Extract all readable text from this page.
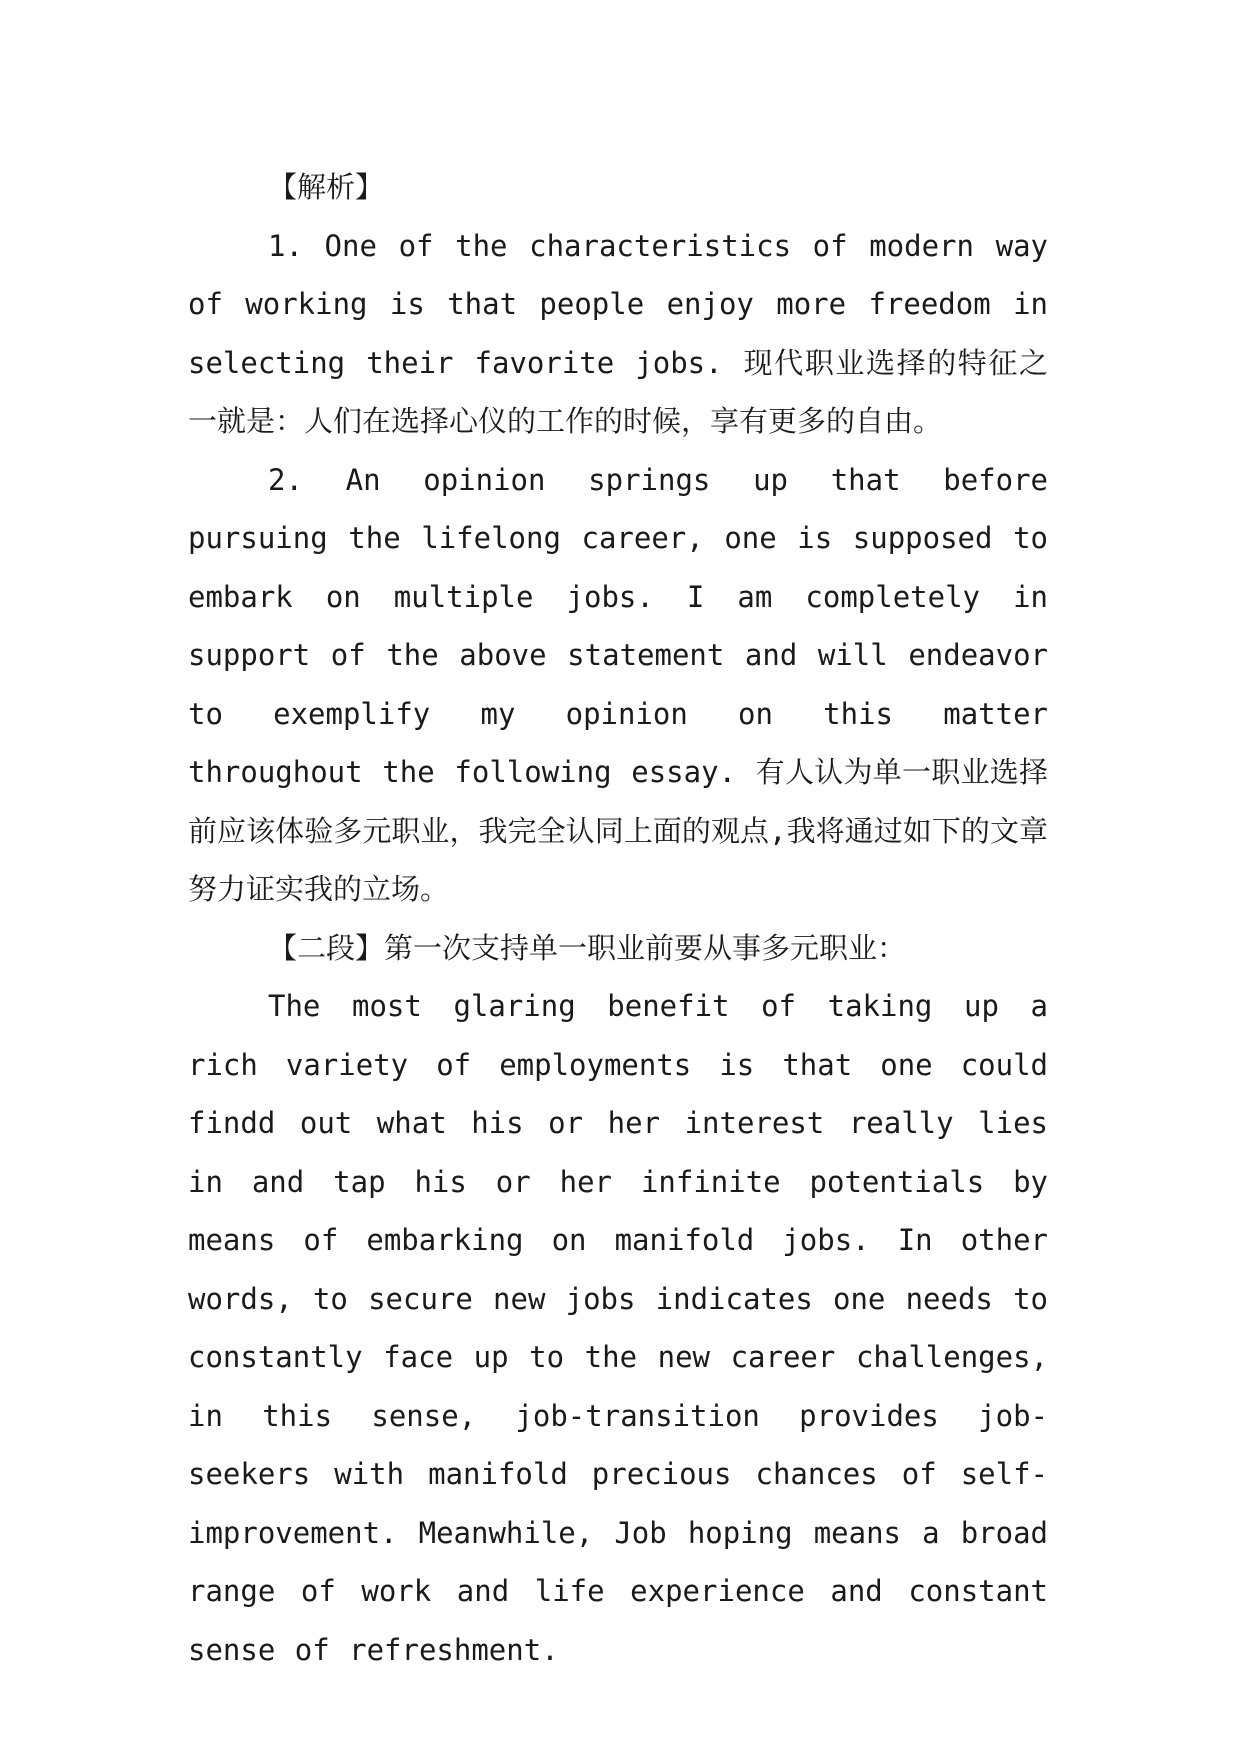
【解析】

1. One of the characteristics of modern way of working is that people enjoy more freedom in selecting their favorite jobs. 现代职业选择的特征之一就是：人们在选择心仪的工作的时候，享有更多的自由。

2. An opinion springs up that before pursuing the lifelong career, one is supposed to embark on multiple jobs. I am completely in support of the above statement and will endeavor to exemplify my opinion on this matter throughout the following essay. 有人认为单一职业选择前应该体验多元职业，我完全认同上面的观点,我将通过如下的文章努力证实我的立场。

【二段】第一次支持单一职业前要从事多元职业：

The most glaring benefit of taking up a rich variety of employments is that one could findd out what his or her interest really lies in and tap his or her infinite potentials by means of embarking on manifold jobs. In other words, to secure new jobs indicates one needs to constantly face up to the new career challenges, in this sense, job-transition provides job-seekers with manifold precious chances of self-improvement. Meanwhile, Job hoping means a broad range of work and life experience and constant sense of refreshment.
